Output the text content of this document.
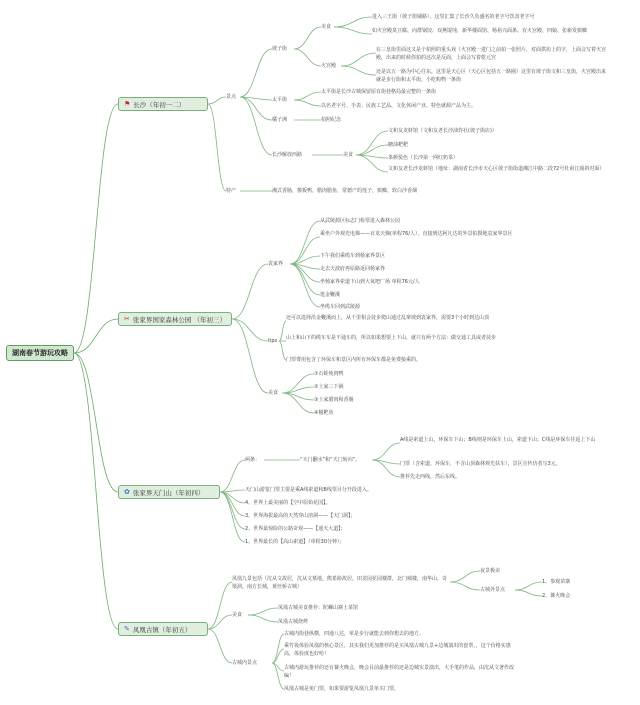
湖南春节游玩攻略
⚑ 长沙（年初一二）
景点
坡子街
美食
进入三王街（坡子街铺路），这里汇集了长沙久负盛名的老字号饮食老字号
如火宫殿臭豆腐、向群锅饺、双燕馄饨、新华楼面馆、杨裕兴面条、有火宫殿、四娘、张新发槟榔
火宫殿
在三皇街里面这又是个拍照的重头戏（火宫殿一进门之前拍一张照片，对面拱坊上的字，上面会写着火宫殿，出来的时候你拍的这次是反面，上面会写着乾元宫
还是以五一路为中心往东，这里是天心区（天心区包括五一路圈）这里有坡子街文和三皇街，火宫殿出来就是步行街和太平街，小吃购物一条街
太平街
太平街是长沙古城保留原有街巷格局最完整的一条街
以名老字号、手表、民族工艺品、文化休闲产业、特色就源产品为主。
橘子洲	拍照纪念
长沙解放西路	美食
文和友龙虾馆（文和友老长沙油炸社(坡子街店)）
糖油粑粑
茶颜悦色（长沙第一网红奶茶）
文和友老长沙龙虾馆（地址：湖南省长沙市天心区坡子街街道湘江中路二段72号杜甫江阁斜对面）
特产	湘式香肠，酱板鸭，腊肉腊鱼，常德产的莲子，槟榔，软白沙香烟
✂ 张家界国家森林公园 （年初三）
袁家界
从武陵源区标志门检票进入森林公园
乘坐户外观光电梯——百龙天梯(单程76/人），直接到达阿凡达的外景拍摄地袁家界景区
下午我们乘缆车到杨家界景区
走去天波府再原路返回杨家界
坐杨家界索道下山到大氧吧广场 单程76元/人
逛金鞭溪
坐缆车回到武陵源
tips
还可以选择沿金鞭溪而上，从千里相会徒步爬山通过乱窜坡到袁家界，需要3个小时到达山顶
山上和山下的缆车车是不通车的，所以如果想要上下山，就只有两个方法：做交通工具或者徒步
门票费用包含了环保车和景区内所有环保车都是免费接乘的。
美食
①石蛙炖肉鸭
②土家三下锅
③土家腊肉和香肠
④糍粑鱼
✿ 张家界天门山（年初四）
两条：	“天门翻水”和“天门转向”。
A线是索道上山，环保车下山；B线则是环保车上山，索道下山；C线是环保车往返上下山
门票（含索道、环保车，不含山顶森林观光扶车），景区宣传仿者写3元。
推荐先走西线，然后东线。
天门山游览门票主要是乘A线索道和B线票目分开段进入。
4、世界上最美丽的【空中原始花园】。
3、世界海拔最高的天然穿山溶洞——【天门洞】；
2、世界最惊险的公路奇观——【通天大道】；
1、世界最长的【高山索道】（单程30分钟）；
✎ 凤凰古镇（年初五）
凤凰九景包括（沈从文故居，沈从文墓地，熊希龄故居，田龙园花园楼群，北门城楼，南华山，奇梁洞，南方长城，黄丝桥古城）
夜景极美
古城外景点
1、参观苗寨
2、篝火晚会
美食
凤凰古城美食推荐：陀螺山寨土菜馆
凤凰古城烧烤
古城内景点
古城内街巷纵横，四通八达，单是步行就能去到你想去的地方。
乘竹筏体验凤凰的核心景区，其实我们更加推荐的是买凤凰古城九景+边城演出的套票，，这个价格实惠高，体验度也好哈！
古城内游玩推荐的还有篝火晚会，晚会目前最推荐的还是边城实景演出，大手笔的作品，由沈从文著作改编！
凤凰古城是免门票，如果要游览凤凰九景单买门票。
